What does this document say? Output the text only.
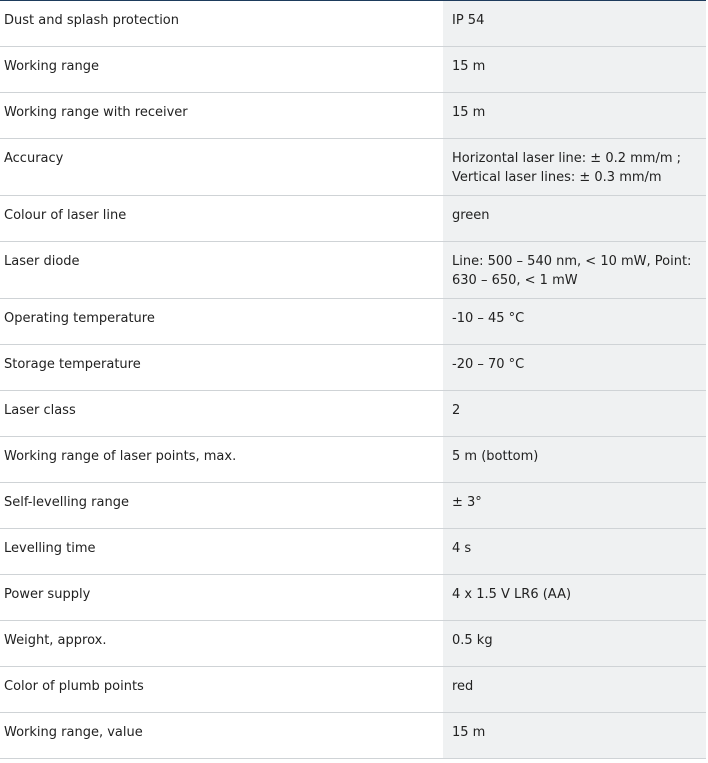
Dust and splash protection	IP 54
Working range	15 m
Working range with receiver	15 m
Accuracy	Horizontal laser line: ± 0.2 mm/m ; Vertical laser lines: ± 0.3 mm/m
Colour of laser line	green
Laser diode	Line: 500 – 540 nm, < 10 mW, Point: 630 – 650, < 1 mW
Operating temperature	-10 – 45 °C
Storage temperature	-20 – 70 °C
Laser class	2
Working range of laser points, max.	5 m (bottom)
Self-levelling range	± 3°
Levelling time	4 s
Power supply	4 x 1.5 V LR6 (AA)
Weight, approx.	0.5 kg
Color of plumb points	red
Working range, value	15 m
